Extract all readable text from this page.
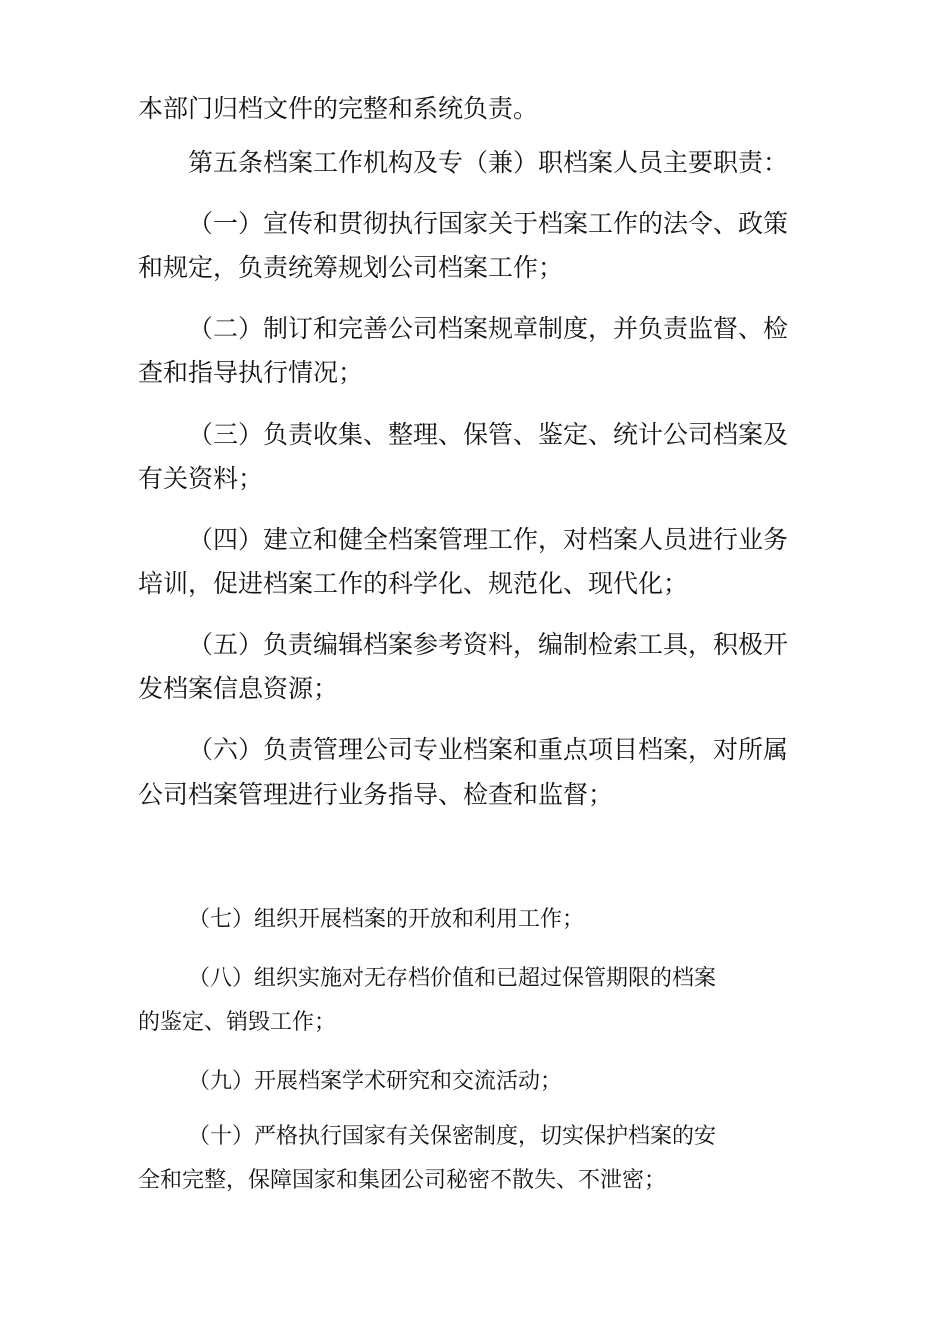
本部门归档文件的完整和系统负责。
第五条档案工作机构及专（兼）职档案人员主要职责：
（一）宣传和贯彻执行国家关于档案工作的法令、政策
和规定，负责统筹规划公司档案工作；
（二）制订和完善公司档案规章制度，并负责监督、检
查和指导执行情况；
（三）负责收集、整理、保管、鉴定、统计公司档案及
有关资料；
（四）建立和健全档案管理工作，对档案人员进行业务
培训，促进档案工作的科学化、规范化、现代化；
（五）负责编辑档案参考资料，编制检索工具，积极开
发档案信息资源；
（六）负责管理公司专业档案和重点项目档案，对所属
公司档案管理进行业务指导、检查和监督；
（七）组织开展档案的开放和利用工作；
（八）组织实施对无存档价值和已超过保管期限的档案
的鉴定、销毁工作；
（九）开展档案学术研究和交流活动；
（十）严格执行国家有关保密制度，切实保护档案的安
全和完整，保障国家和集团公司秘密不散失、不泄密；
